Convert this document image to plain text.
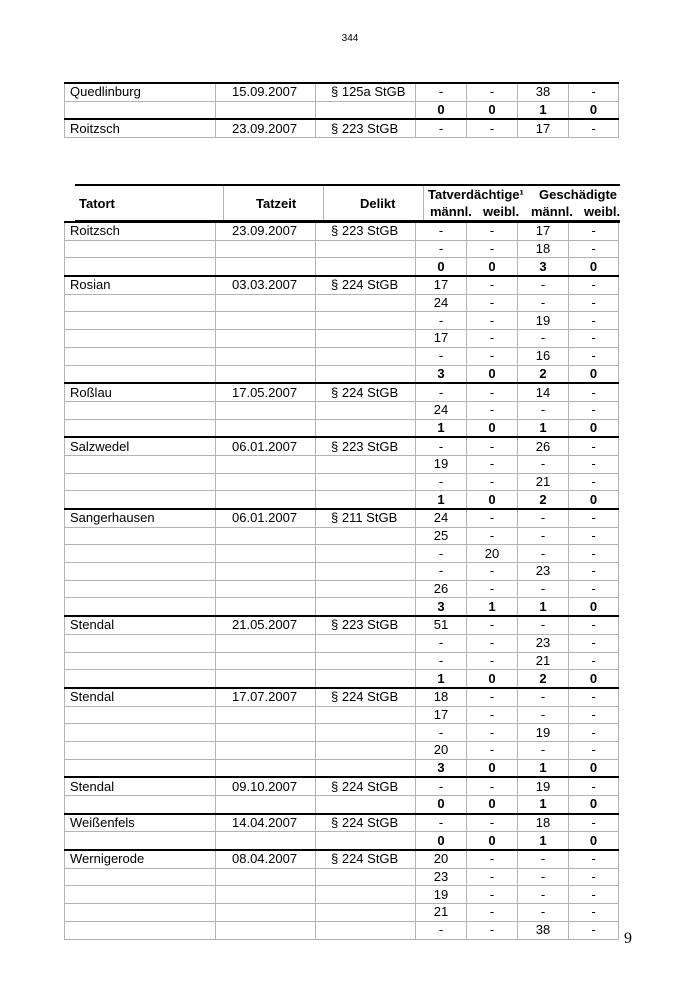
344
Quedlinburg	15.09.2007	§ 125a StGB	-	-	38	-
			0	0	1	0
Roitzsch	23.09.2007	§ 223 StGB	-	-	17	-
Tatort	Tatzeit	Delikt
Tatverdächtige¹ Geschädigte
männl. weibl. männl. weibl.
Roitzsch	23.09.2007	§ 223 StGB	-	-	17	-
			-	-	18	-
			0	0	3	0
Rosian	03.03.2007	§ 224 StGB	17	-	-	-
			24	-	-	-
			-	-	19	-
			17	-	-	-
			-	-	16	-
			3	0	2	0
Roßlau	17.05.2007	§ 224 StGB	-	-	14	-
			24	-	-	-
			1	0	1	0
Salzwedel	06.01.2007	§ 223 StGB	-	-	26	-
			19	-	-	-
			-	-	21	-
			1	0	2	0
Sangerhausen	06.01.2007	§ 211 StGB	24	-	-	-
			25	-	-	-
			-	20	-	-
			-	-	23	-
			26	-	-	-
			3	1	1	0
Stendal	21.05.2007	§ 223 StGB	51	-	-	-
			-	-	23	-
			-	-	21	-
			1	0	2	0
Stendal	17.07.2007	§ 224 StGB	18	-	-	-
			17	-	-	-
			-	-	19	-
			20	-	-	-
			3	0	1	0
Stendal	09.10.2007	§ 224 StGB	-	-	19	-
			0	0	1	0
Weißenfels	14.04.2007	§ 224 StGB	-	-	18	-
			0	0	1	0
Wernigerode	08.04.2007	§ 224 StGB	20	-	-	-
			23	-	-	-
			19	-	-	-
			21	-	-	-
			-	-	38	-
9
